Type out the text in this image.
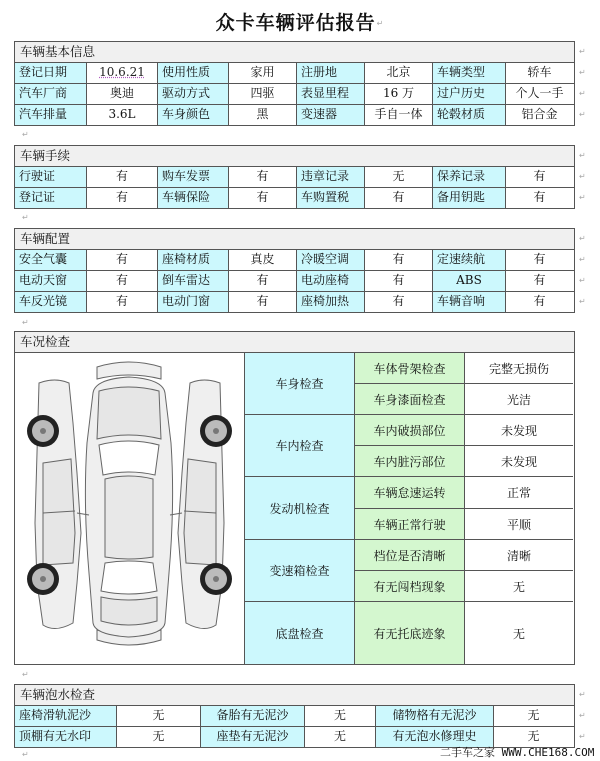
众卡车辆评估报告↵
车辆基本信息
登记日期	10.6.21	使用性质	家用	注册地	北京	车辆类型	轿车
汽车厂商	奥迪	驱动方式	四驱	表显里程	16 万	过户历史	个人一手
汽车排量	3.6L	车身颜色	黑	变速器	手自一体	轮毂材质	铝合金
车辆手续
行驶证	有	购车发票	有	违章记录	无	保养记录	有
登记证	有	车辆保险	有	车购置税	有	备用钥匙	有
车辆配置
安全气囊	有	座椅材质	真皮	冷暖空调	有	定速续航	有
电动天窗	有	倒车雷达	有	电动座椅	有	ABS	有
车反光镜	有	电动门窗	有	座椅加热	有	车辆音响	有
车况检查
车身检查
车体骨架检查	完整无损伤
车身漆面检查	光洁
车内检查
车内破损部位	未发现
车内脏污部位	未发现
发动机检查
车辆怠速运转	正常
车辆正常行驶	平顺
变速箱检查
档位是否清晰	清晰
有无闯档现象	无
底盘检查	有无托底迹象	无
车辆泡水检查
座椅滑轨泥沙	无	备胎有无泥沙	无	储物格有无泥沙	无
顶棚有无水印	无	座垫有无泥沙	无	有无泡水修理史	无
↵
↵
↵
↵
↵
↵
↵
↵
↵
↵
↵
↵
↵
↵
↵
↵
↵
↵
↵	二手车之家 WWW.CHE168.COM
